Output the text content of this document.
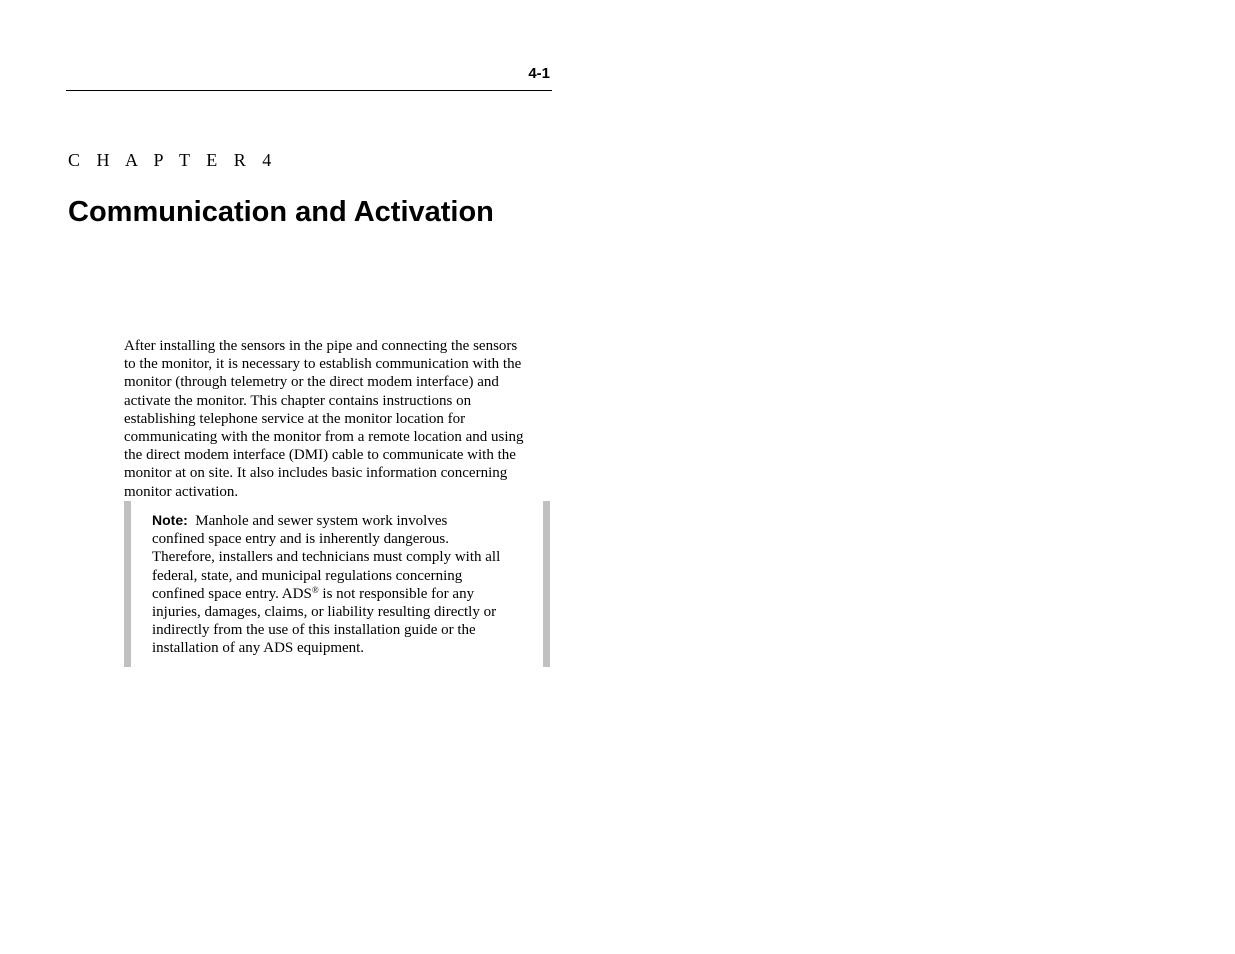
4-1
C H A P T E R 4
Communication and Activation

After installing the sensors in the pipe and connecting the sensors
to the monitor, it is necessary to establish communication with the
monitor (through telemetry or the direct modem interface) and
activate the monitor. This chapter contains instructions on
establishing telephone service at the monitor location for
communicating with the monitor from a remote location and using
the direct modem interface (DMI) cable to communicate with the
monitor at on site. It also includes basic information concerning
monitor activation.

Note: Manhole and sewer system work involves
confined space entry and is inherently dangerous.
Therefore, installers and technicians must comply with all
federal, state, and municipal regulations concerning
confined space entry. ADS® is not responsible for any
injuries, damages, claims, or liability resulting directly or
indirectly from the use of this installation guide or the
installation of any ADS equipment.
